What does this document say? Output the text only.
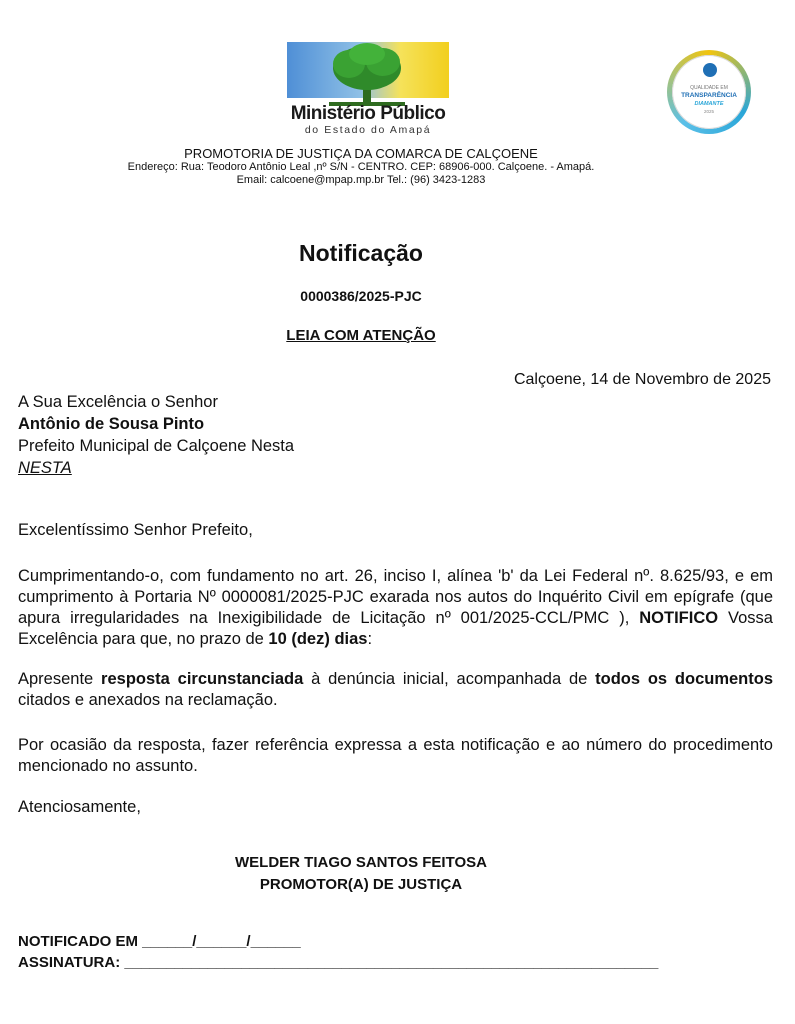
Ministério Público
do Estado do Amapá
QUALIDADE EM
TRANSPARÊNCIA
DIAMANTE
2025
PROMOTORIA DE JUSTIÇA DA COMARCA DE CALÇOENE
Endereço: Rua: Teodoro Antônio Leal ,nº S/N - CENTRO. CEP: 68906-000. Calçoene. - Amapá.
Email: calcoene@mpap.mp.br Tel.: (96) 3423-1283
Notificação
0000386/2025-PJC
LEIA COM ATENÇÃO
Calçoene, 14 de Novembro de 2025
A Sua Excelência o Senhor
Antônio de Sousa Pinto
Prefeito Municipal de Calçoene Nesta
NESTA
Excelentíssimo Senhor Prefeito,
Cumprimentando-o, com fundamento no art. 26, inciso I, alínea 'b' da Lei Federal nº. 8.625/93, e em cumprimento à Portaria Nº 0000081/2025-PJC exarada nos autos do Inquérito Civil em epígrafe (que apura irregularidades na Inexigibilidade de Licitação nº 001/2025-CCL/PMC ), NOTIFICO Vossa Excelência para que, no prazo de 10 (dez) dias:
Apresente resposta circunstanciada à denúncia inicial, acompanhada de todos os documentos citados e anexados na reclamação.
Por ocasião da resposta, fazer referência expressa a esta notificação e ao número do procedimento mencionado no assunto.
Atenciosamente,
WELDER TIAGO SANTOS FEITOSA
PROMOTOR(A) DE JUSTIÇA
NOTIFICADO EM ______/______/______
ASSINATURA: ________________________________________________________________
